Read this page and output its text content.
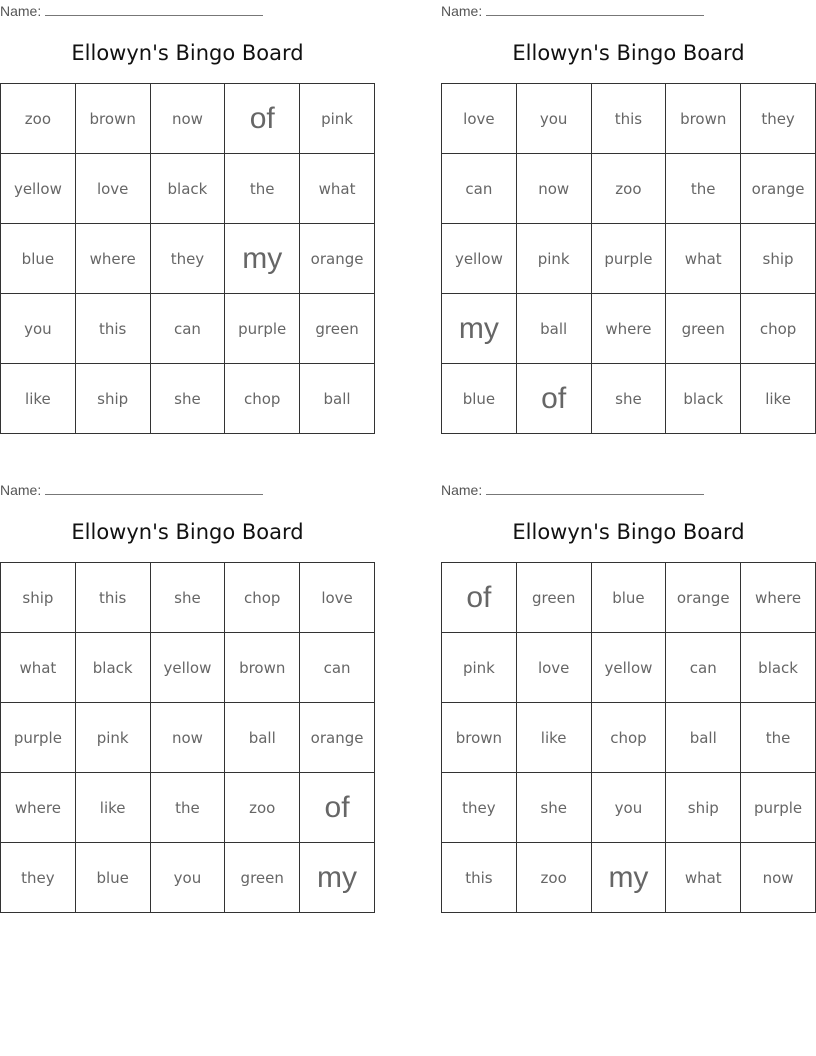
Name:
Ellowyn's Bingo Board
zoo	brown	now	of	pink
yellow	love	black	the	what
blue	where	they	my	orange
you	this	can	purple	green
like	ship	she	chop	ball
Name:
Ellowyn's Bingo Board
love	you	this	brown	they
can	now	zoo	the	orange
yellow	pink	purple	what	ship
my	ball	where	green	chop
blue	of	she	black	like
Name:
Ellowyn's Bingo Board
ship	this	she	chop	love
what	black	yellow	brown	can
purple	pink	now	ball	orange
where	like	the	zoo	of
they	blue	you	green	my
Name:
Ellowyn's Bingo Board
of	green	blue	orange	where
pink	love	yellow	can	black
brown	like	chop	ball	the
they	she	you	ship	purple
this	zoo	my	what	now
